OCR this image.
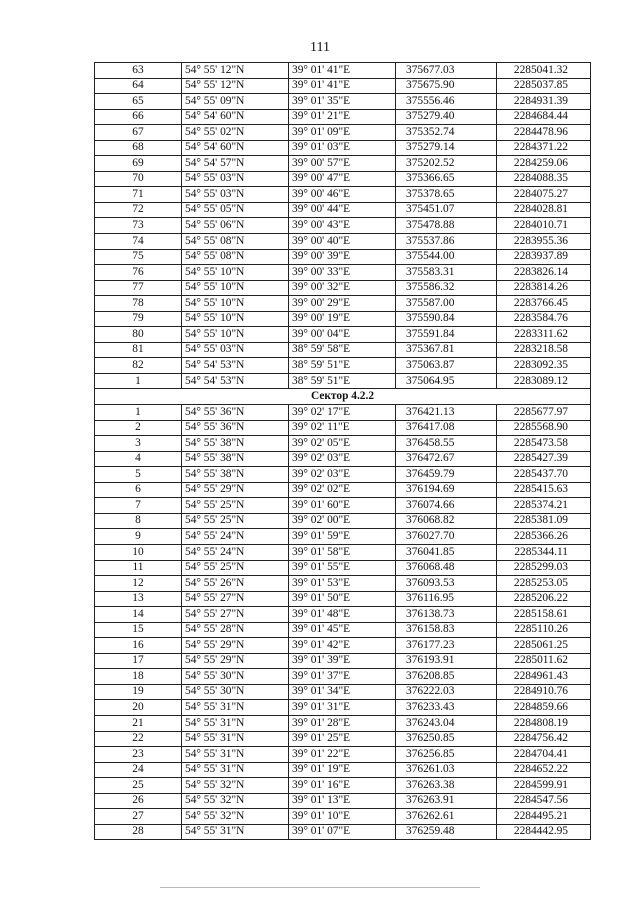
111
63	54° 55' 12"N	39° 01' 41"E	375677.03	2285041.32
64	54° 55' 12"N	39° 01' 41"E	375675.90	2285037.85
65	54° 55' 09"N	39° 01' 35"E	375556.46	2284931.39
66	54° 54' 60"N	39° 01' 21"E	375279.40	2284684.44
67	54° 55' 02"N	39° 01' 09"E	375352.74	2284478.96
68	54° 54' 60"N	39° 01' 03"E	375279.14	2284371.22
69	54° 54' 57"N	39° 00' 57"E	375202.52	2284259.06
70	54° 55' 03"N	39° 00' 47"E	375366.65	2284088.35
71	54° 55' 03"N	39° 00' 46"E	375378.65	2284075.27
72	54° 55' 05"N	39° 00' 44"E	375451.07	2284028.81
73	54° 55' 06"N	39° 00' 43"E	375478.88	2284010.71
74	54° 55' 08"N	39° 00' 40"E	375537.86	2283955.36
75	54° 55' 08"N	39° 00' 39"E	375544.00	2283937.89
76	54° 55' 10"N	39° 00' 33"E	375583.31	2283826.14
77	54° 55' 10"N	39° 00' 32"E	375586.32	2283814.26
78	54° 55' 10"N	39° 00' 29"E	375587.00	2283766.45
79	54° 55' 10"N	39° 00' 19"E	375590.84	2283584.76
80	54° 55' 10"N	39° 00' 04"E	375591.84	2283311.62
81	54° 55' 03"N	38° 59' 58"E	375367.81	2283218.58
82	54° 54' 53"N	38° 59' 51"E	375063.87	2283092.35
1	54° 54' 53"N	38° 59' 51"E	375064.95	2283089.12
Сектор 4.2.2				
1	54° 55' 36"N	39° 02' 17"E	376421.13	2285677.97
2	54° 55' 36"N	39° 02' 11"E	376417.08	2285568.90
3	54° 55' 38"N	39° 02' 05"E	376458.55	2285473.58
4	54° 55' 38"N	39° 02' 03"E	376472.67	2285427.39
5	54° 55' 38"N	39° 02' 03"E	376459.79	2285437.70
6	54° 55' 29"N	39° 02' 02"E	376194.69	2285415.63
7	54° 55' 25"N	39° 01' 60"E	376074.66	2285374.21
8	54° 55' 25"N	39° 02' 00"E	376068.82	2285381.09
9	54° 55' 24"N	39° 01' 59"E	376027.70	2285366.26
10	54° 55' 24"N	39° 01' 58"E	376041.85	2285344.11
11	54° 55' 25"N	39° 01' 55"E	376068.48	2285299.03
12	54° 55' 26"N	39° 01' 53"E	376093.53	2285253.05
13	54° 55' 27"N	39° 01' 50"E	376116.95	2285206.22
14	54° 55' 27"N	39° 01' 48"E	376138.73	2285158.61
15	54° 55' 28"N	39° 01' 45"E	376158.83	2285110.26
16	54° 55' 29"N	39° 01' 42"E	376177.23	2285061.25
17	54° 55' 29"N	39° 01' 39"E	376193.91	2285011.62
18	54° 55' 30"N	39° 01' 37"E	376208.85	2284961.43
19	54° 55' 30"N	39° 01' 34"E	376222.03	2284910.76
20	54° 55' 31"N	39° 01' 31"E	376233.43	2284859.66
21	54° 55' 31"N	39° 01' 28"E	376243.04	2284808.19
22	54° 55' 31"N	39° 01' 25"E	376250.85	2284756.42
23	54° 55' 31"N	39° 01' 22"E	376256.85	2284704.41
24	54° 55' 31"N	39° 01' 19"E	376261.03	2284652.22
25	54° 55' 32"N	39° 01' 16"E	376263.38	2284599.91
26	54° 55' 32"N	39° 01' 13"E	376263.91	2284547.56
27	54° 55' 32"N	39° 01' 10"E	376262.61	2284495.21
28	54° 55' 31"N	39° 01' 07"E	376259.48	2284442.95
